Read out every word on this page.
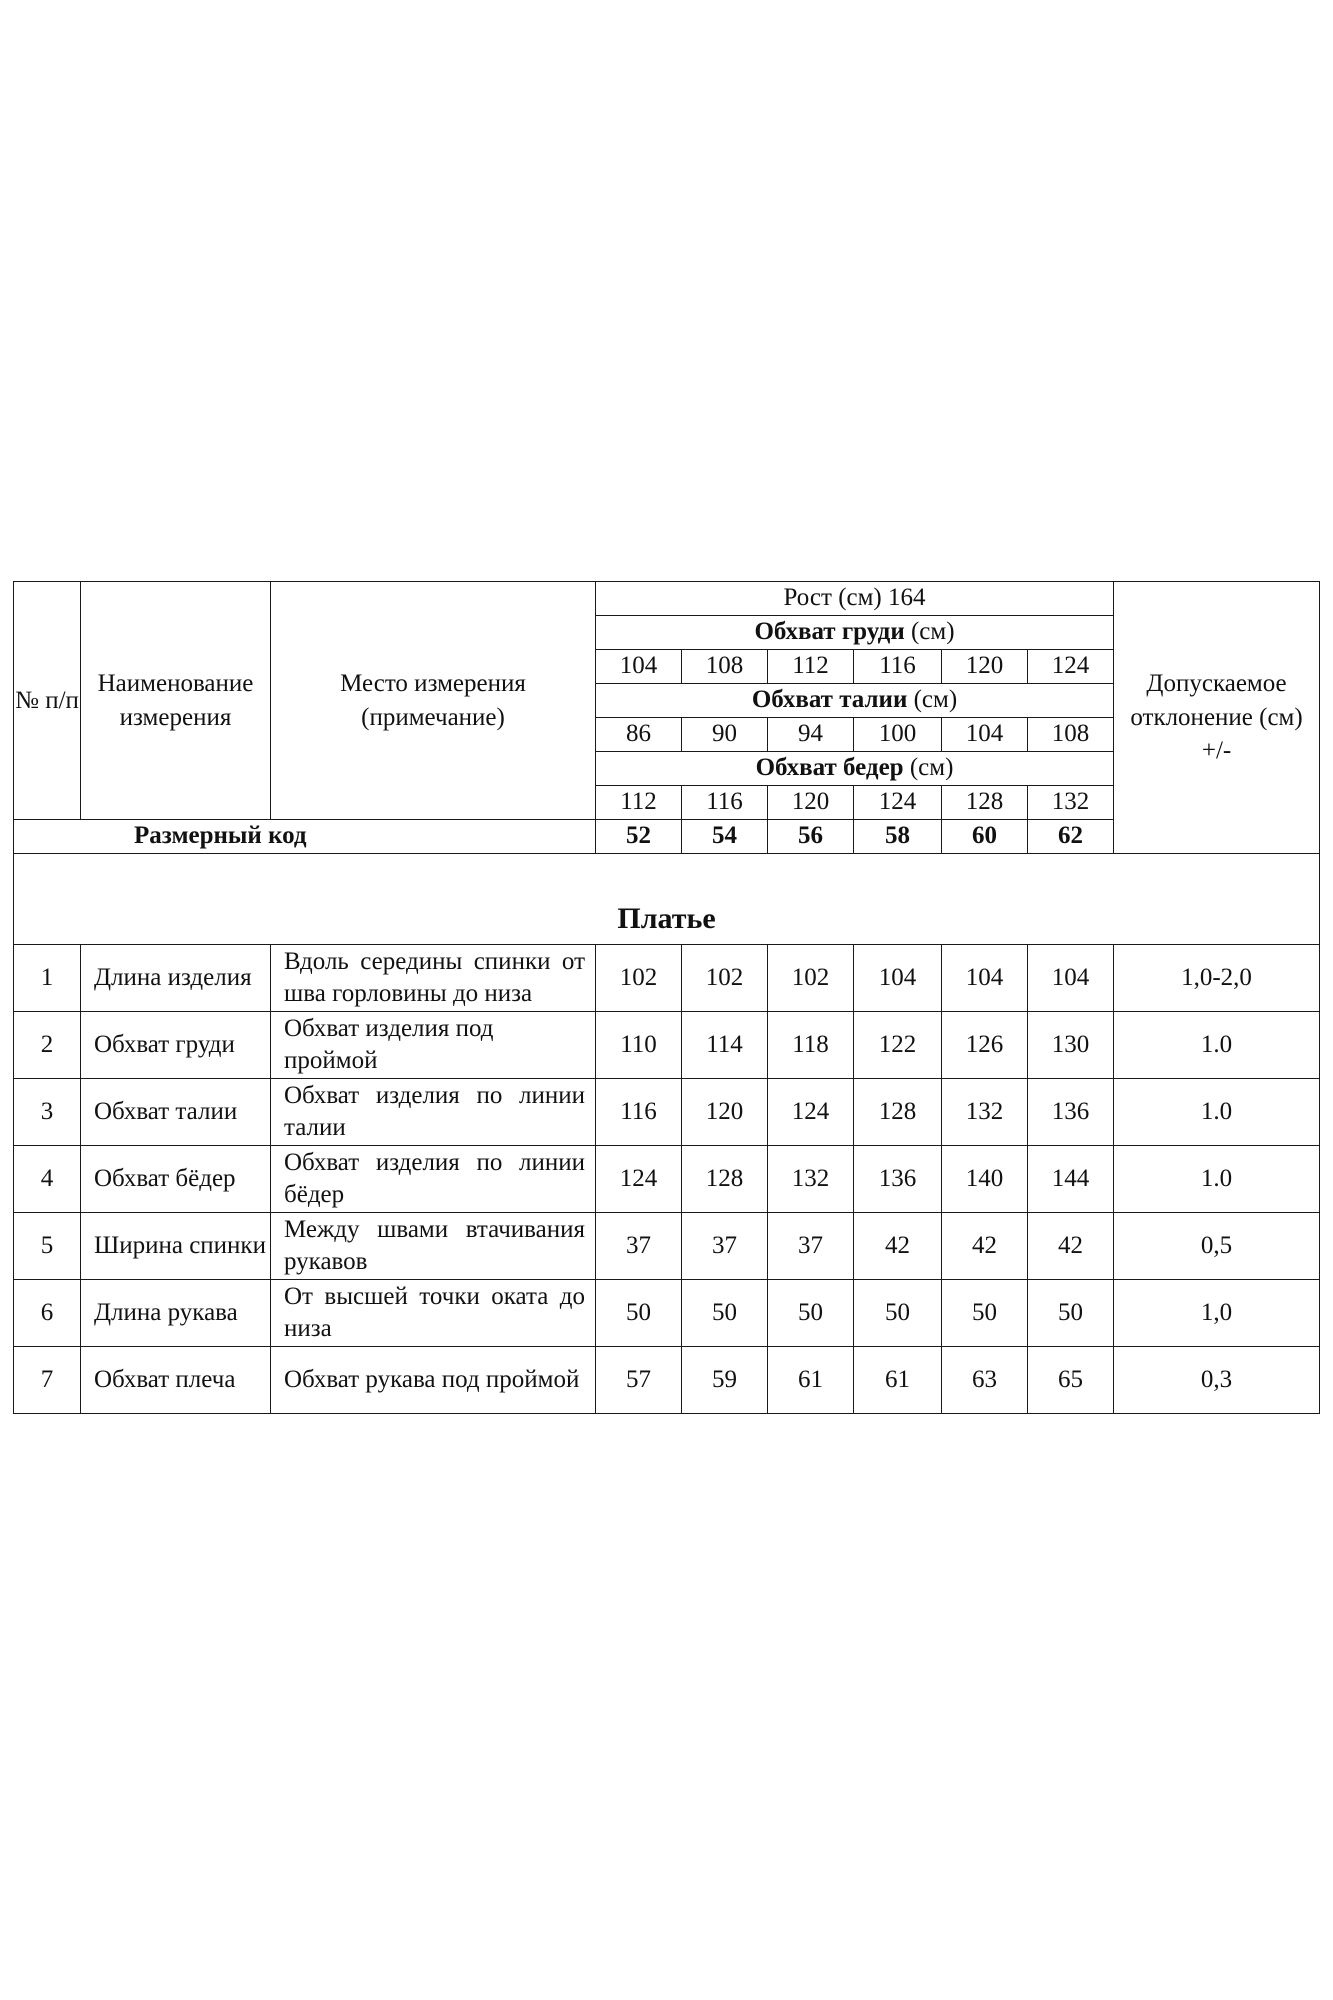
№ п/п	Наименование измерения	Место измерения (примечание)	Рост (см) 164						Допускаемое отклонение (см) +/-
			Обхват груди (см)						
			104	108	112	116	120	124	
			Обхват талии (см)						
			86	90	94	100	104	108	
			Обхват бедер (см)						
			112	116	120	124	128	132	
Размерный код			52	54	56	58	60	62	
Платье									
1	Длина изделия	Вдоль середины спинки от шва горловины до низа	102	102	102	104	104	104	1,0-2,0
2	Обхват груди	Обхват изделия под проймой	110	114	118	122	126	130	1.0
3	Обхват талии	Обхват изделия по линии талии	116	120	124	128	132	136	1.0
4	Обхват бёдер	Обхват изделия по линии бёдер	124	128	132	136	140	144	1.0
5	Ширина спинки	Между швами втачивания рукавов	37	37	37	42	42	42	0,5
6	Длина рукава	От высшей точки оката до низа	50	50	50	50	50	50	1,0
7	Обхват плеча	Обхват рукава под проймой	57	59	61	61	63	65	0,3
